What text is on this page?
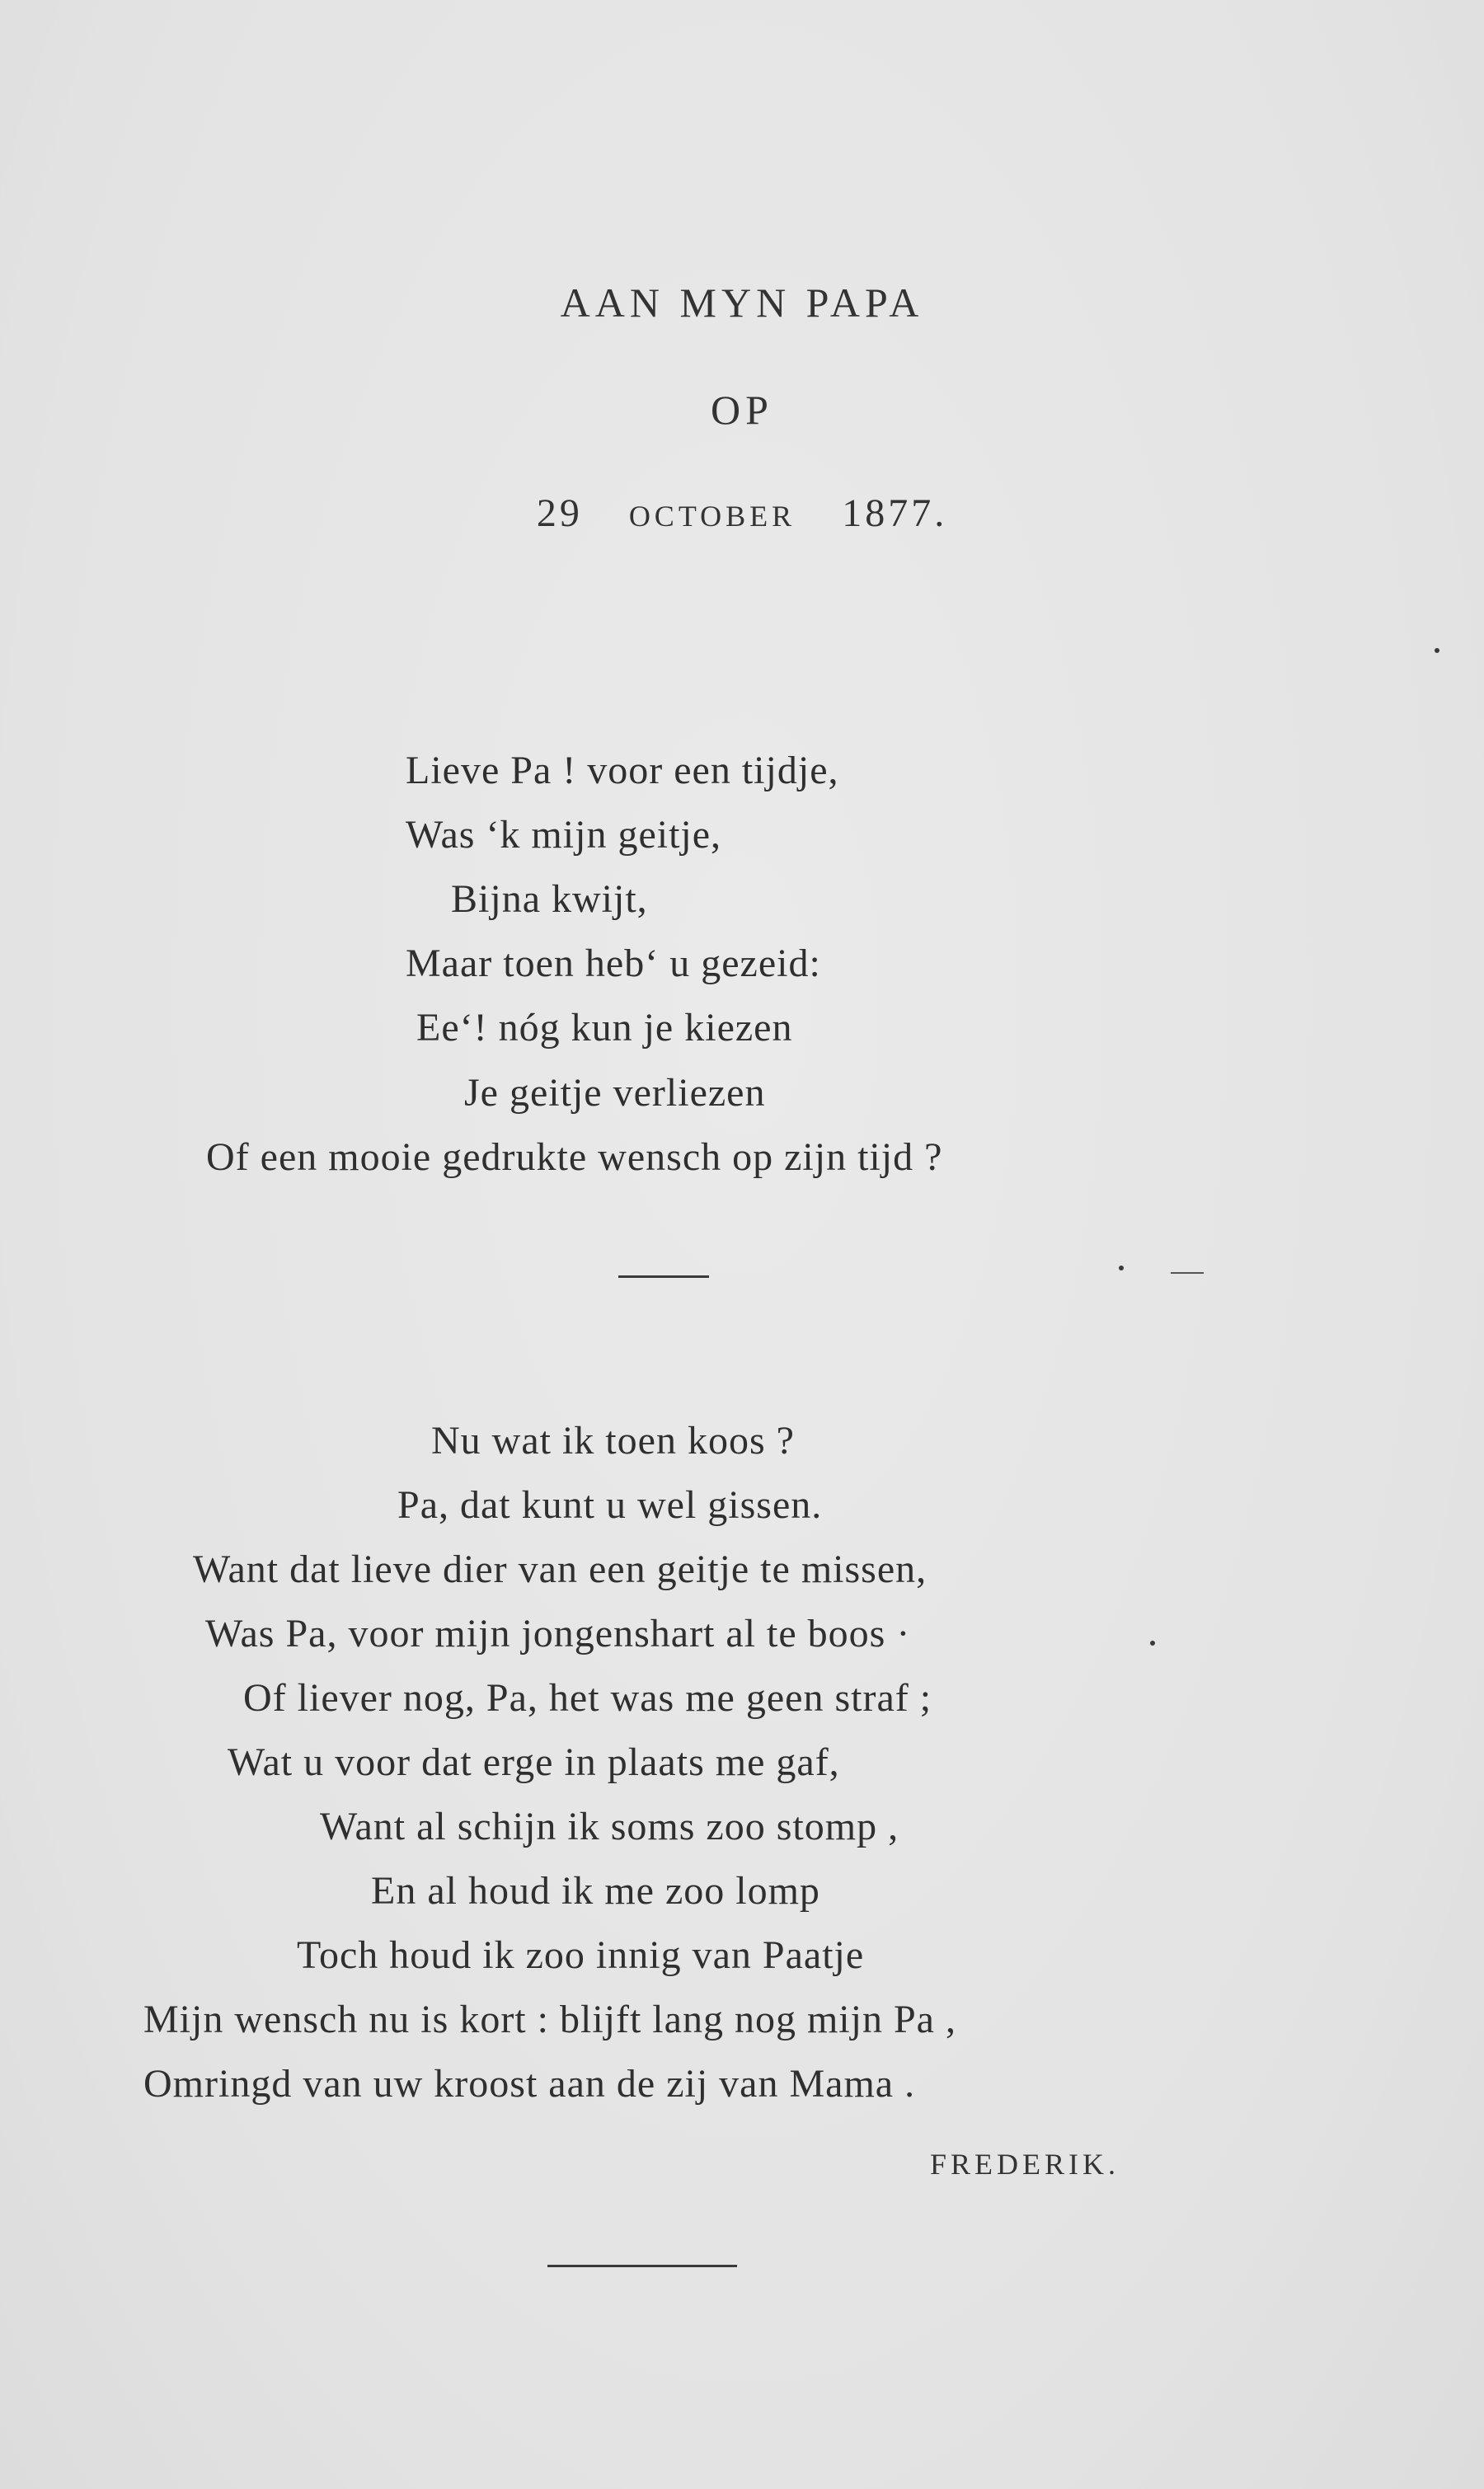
AAN MYN PAPA
OP
29 OCTOBER 1877.
Lieve Pa ! voor een tijdje,
Was ‘k mijn geitje,
Bijna kwijt,
Maar toen heb‘ u gezeid:
Ee‘! nóg kun je kiezen
Je geitje verliezen
Of een mooie gedrukte wensch op zijn tijd ?
Nu wat ik toen koos ?
Pa, dat kunt u wel gissen.
Want dat lieve dier van een geitje te missen,
Was Pa, voor mijn jongenshart al te boos ·
Of liever nog, Pa, het was me geen straf ;
Wat u voor dat erge in plaats me gaf,
Want al schijn ik soms zoo stomp ,
En al houd ik me zoo lomp
Toch houd ik zoo innig van Paatje
Mijn wensch nu is kort : blijft lang nog mijn Pa ,
Omringd van uw kroost aan de zij van Mama .
FREDERIK.
